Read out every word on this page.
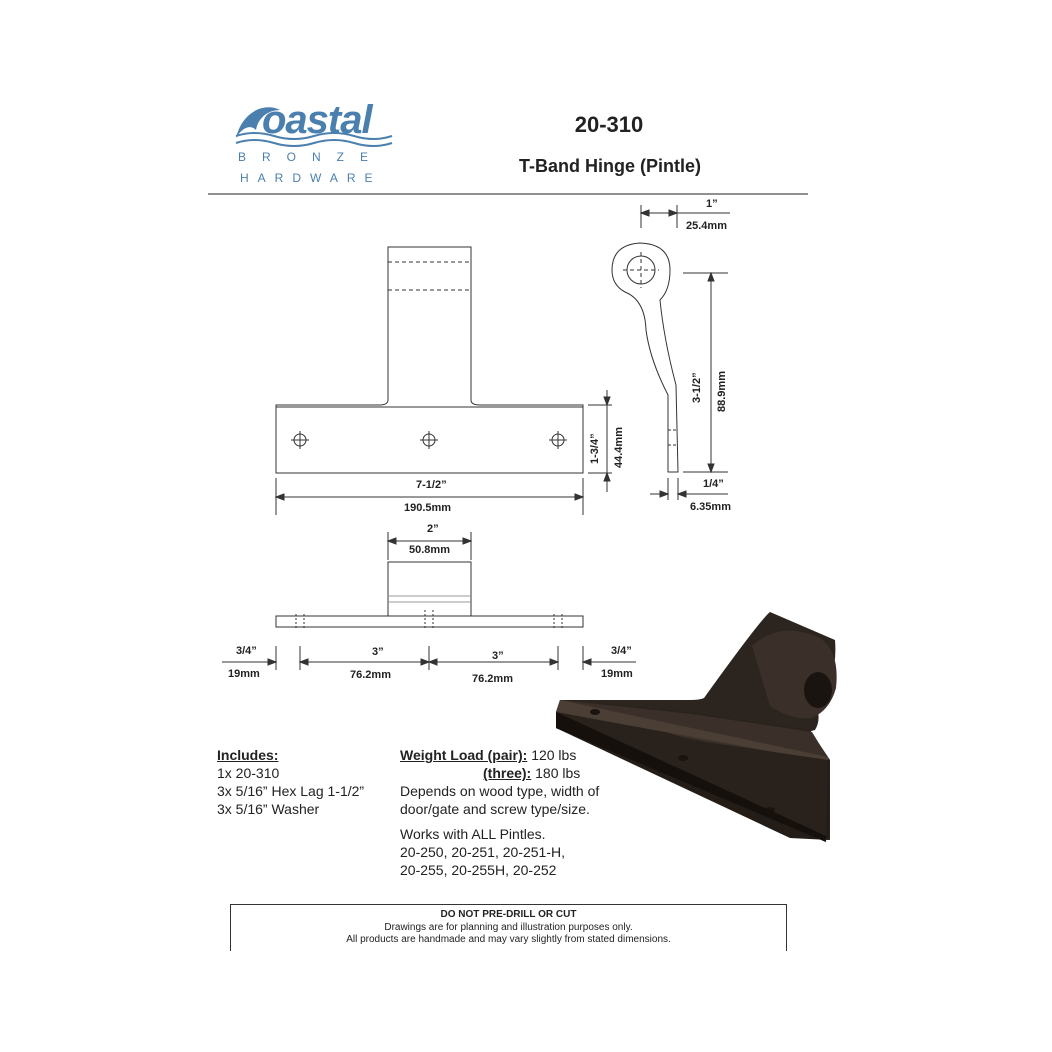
oastal
BRONZE
HARDWARE
20-310
T-Band Hinge (Pintle)
1”
25.4mm
3-1/2” 88.9mm
1/4”
6.35mm
1-3/4” 44.4mm
7-1/2”
190.5mm
2”
50.8mm
3/4”
19mm
3”
76.2mm
3”
76.2mm
3/4”
19mm
Includes:
1x 20-310
3x 5/16” Hex Lag 1-1/2”
3x 5/16” Washer
Weight Load (pair): 120 lbs
(three): 180 lbs
Depends on wood type, width of
door/gate and screw type/size.
Works with ALL Pintles.
20-250, 20-251, 20-251-H,
20-255, 20-255H, 20-252
DO NOT PRE-DRILL OR CUT
Drawings are for planning and illustration purposes only.
All products are handmade and may vary slightly from stated dimensions.
